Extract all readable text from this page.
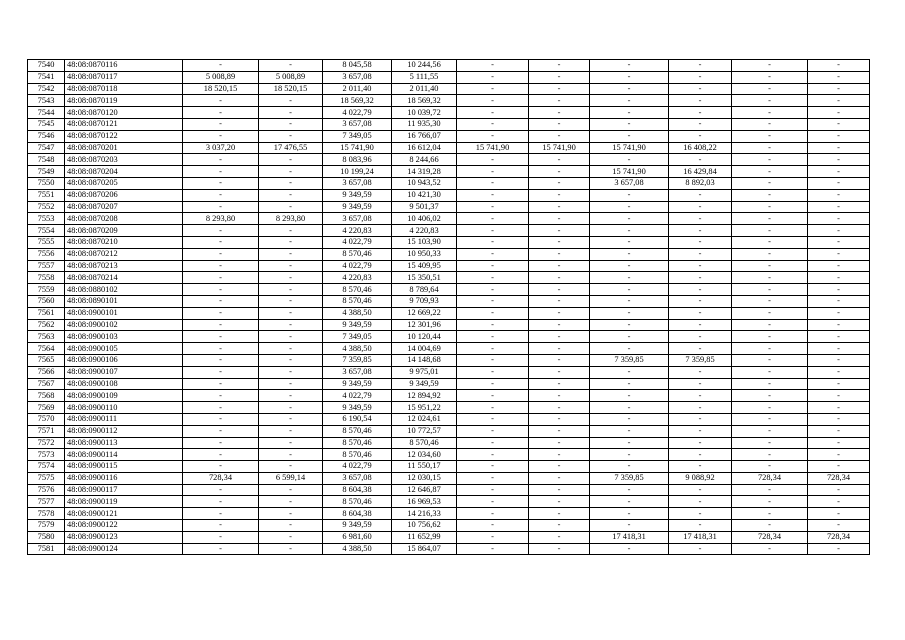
7540	48:08:0870116	-	-	8 045,58	10 244,56	-	-	-	-	-	-
7541	48:08:0870117	5 008,89	5 008,89	3 657,08	5 111,55	-	-	-	-	-	-
7542	48:08:0870118	18 520,15	18 520,15	2 011,40	2 011,40	-	-	-	-	-	-
7543	48:08:0870119	-	-	18 569,32	18 569,32	-	-	-	-	-	-
7544	48:08:0870120	-	-	4 022,79	10 039,72	-	-	-	-	-	-
7545	48:08:0870121	-	-	3 657,08	11 935,30	-	-	-	-	-	-
7546	48:08:0870122	-	-	7 349,05	16 766,07	-	-	-	-	-	-
7547	48:08:0870201	3 037,20	17 476,55	15 741,90	16 612,04	15 741,90	15 741,90	15 741,90	16 408,22	-	-
7548	48:08:0870203	-	-	8 083,96	8 244,66	-	-	-	-	-	-
7549	48:08:0870204	-	-	10 199,24	14 319,28	-	-	15 741,90	16 429,84	-	-
7550	48:08:0870205	-	-	3 657,08	10 943,52	-	-	3 657,08	8 892,03	-	-
7551	48:08:0870206	-	-	9 349,59	10 421,30	-	-	-	-	-	-
7552	48:08:0870207	-	-	9 349,59	9 501,37	-	-	-	-	-	-
7553	48:08:0870208	8 293,80	8 293,80	3 657,08	10 406,02	-	-	-	-	-	-
7554	48:08:0870209	-	-	4 220,83	4 220,83	-	-	-	-	-	-
7555	48:08:0870210	-	-	4 022,79	15 103,90	-	-	-	-	-	-
7556	48:08:0870212	-	-	8 570,46	10 950,33	-	-	-	-	-	-
7557	48:08:0870213	-	-	4 022,79	15 409,95	-	-	-	-	-	-
7558	48:08:0870214	-	-	4 220,83	15 350,51	-	-	-	-	-	-
7559	48:08:0880102	-	-	8 570,46	8 789,64	-	-	-	-	-	-
7560	48:08:0890101	-	-	8 570,46	9 709,93	-	-	-	-	-	-
7561	48:08:0900101	-	-	4 388,50	12 669,22	-	-	-	-	-	-
7562	48:08:0900102	-	-	9 349,59	12 301,96	-	-	-	-	-	-
7563	48:08:0900103	-	-	7 349,05	10 120,44	-	-	-	-	-	-
7564	48:08:0900105	-	-	4 388,50	14 004,69	-	-	-	-	-	-
7565	48:08:0900106	-	-	7 359,85	14 148,68	-	-	7 359,85	7 359,85	-	-
7566	48:08:0900107	-	-	3 657,08	9 975,01	-	-	-	-	-	-
7567	48:08:0900108	-	-	9 349,59	9 349,59	-	-	-	-	-	-
7568	48:08:0900109	-	-	4 022,79	12 894,92	-	-	-	-	-	-
7569	48:08:0900110	-	-	9 349,59	15 951,22	-	-	-	-	-	-
7570	48:08:0900111	-	-	6 190,54	12 024,61	-	-	-	-	-	-
7571	48:08:0900112	-	-	8 570,46	10 772,57	-	-	-	-	-	-
7572	48:08:0900113	-	-	8 570,46	8 570,46	-	-	-	-	-	-
7573	48:08:0900114	-	-	8 570,46	12 034,60	-	-	-	-	-	-
7574	48:08:0900115	-	-	4 022,79	11 550,17	-	-	-	-	-	-
7575	48:08:0900116	728,34	6 599,14	3 657,08	12 030,15	-	-	7 359,85	9 088,92	728,34	728,34
7576	48:08:0900117	-	-	8 604,38	12 646,87	-	-	-	-	-	-
7577	48:08:0900119	-	-	8 570,46	16 969,53	-	-	-	-	-	-
7578	48:08:0900121	-	-	8 604,38	14 216,33	-	-	-	-	-	-
7579	48:08:0900122	-	-	9 349,59	10 756,62	-	-	-	-	-	-
7580	48:08:0900123	-	-	6 981,60	11 652,99	-	-	17 418,31	17 418,31	728,34	728,34
7581	48:08:0900124	-	-	4 388,50	15 864,07	-	-	-	-	-	-
